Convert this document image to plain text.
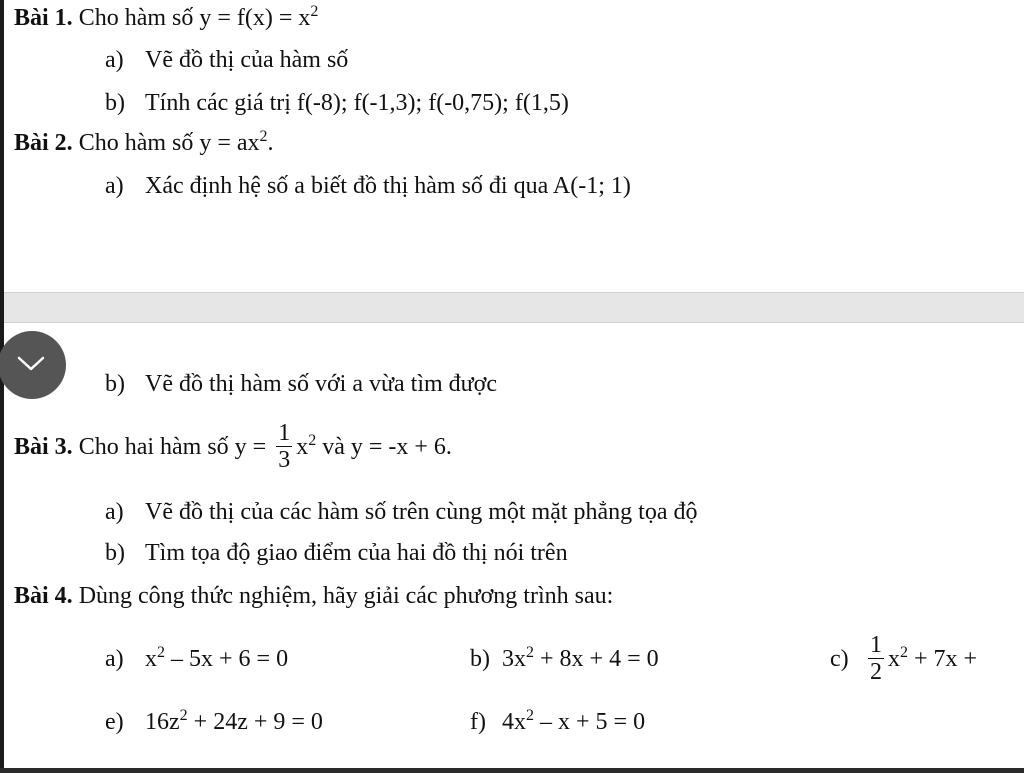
Bài 1. Cho hàm số $y = f(x) = x^2$
a) Vẽ đồ thị của hàm số
b) Tính các giá trị f(-8); f(-1,3); f(-0,75); f(1,5)
Bài 2. Cho hàm số $y = ax^2$.
a) Xác định hệ số a biết đồ thị hàm số đi qua A(-1; 1)
b) Vẽ đồ thị hàm số với a vừa tìm được
Bài 3. Cho hai hàm số $y = \frac{1}{3} x^2$ và y = -x + 6.
a) Vẽ đồ thị của các hàm số trên cùng một mặt phẳng tọa độ
b) Tìm tọa độ giao điểm của hai đồ thị nói trên
Bài 4. Dùng công thức nghiệm, hãy giải các phương trình sau:
a) $x^2 - 5x + 6 = 0$	b) $3x^2 + 8x + 4 = 0$	$c) \frac{1}{2} x^2 + 7x$ +
e) $16z^2 + 24z + 9 = 0$	f) $4x^2 - x + 5 = 0$
